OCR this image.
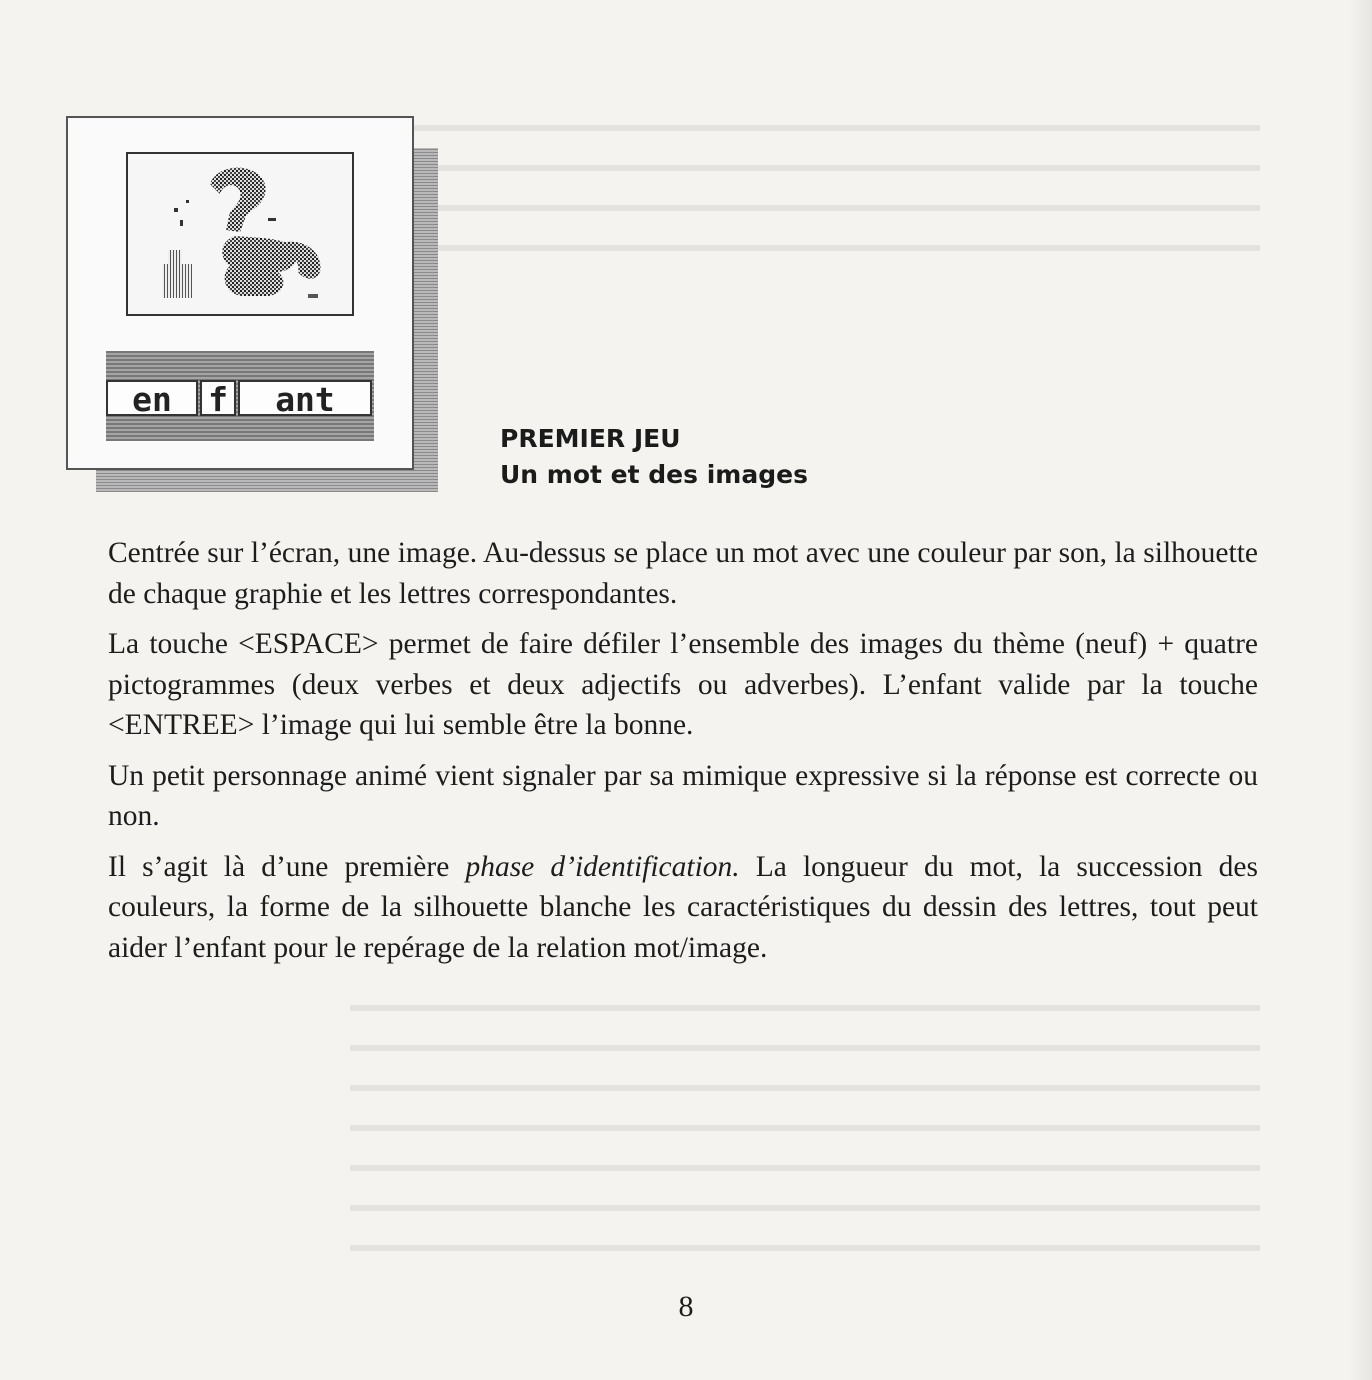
en	f	ant
PREMIER JEU
Un mot et des images

Centrée sur l’écran, une image. Au-dessus se place un mot avec une couleur par son, la silhouette de chaque graphie et les lettres correspondantes.

La touche <ESPACE> permet de faire défiler l’ensemble des images du thème (neuf) + quatre pictogrammes (deux verbes et deux adjectifs ou adverbes). L’enfant valide par la touche <ENTREE> l’image qui lui semble être la bonne.

Un petit personnage animé vient signaler par sa mimique expressive si la réponse est correcte ou non.

Il s’agit là d’une première phase d’identification. La longueur du mot, la succession des couleurs, la forme de la silhouette blanche les caractéristiques du dessin des lettres, tout peut aider l’enfant pour le repérage de la relation mot/image.

8
